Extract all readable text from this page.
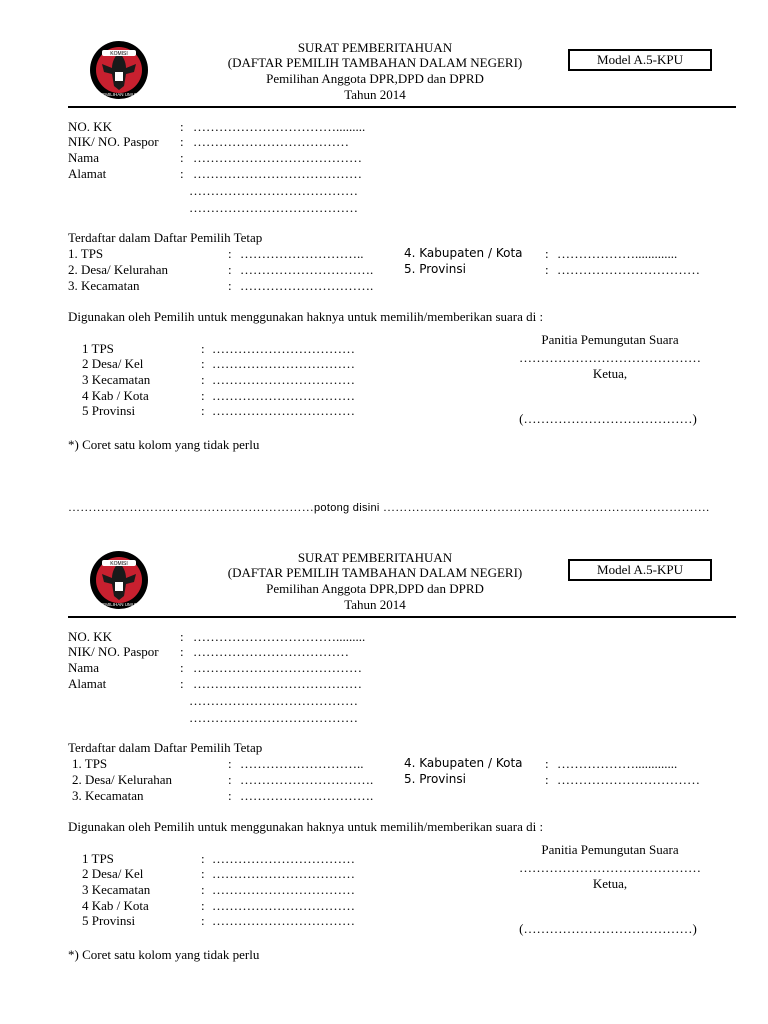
KOMISI
PEMILIHAN UMUM
SURAT PEMBERITAHUAN
(DAFTAR PEMILIH TAMBAHAN DALAM NEGERI)
Pemilihan Anggota DPR,DPD dan DPRD
Tahun 2014
Model A.5-KPU
NO. KK	: …………………………….........
NIK/ NO. Paspor : ………………………………
Nama	: …………………………………
Alamat	: …………………………………
…………………………………
…………………………………
Terdaftar dalam Daftar Pemilih Tetap
1. TPS	: ………………………..
2. Desa/ Kelurahan	: ………………………….
3. Kecamatan	: ………………………….
4. Kabupaten / Kota : ……………….............
5. Provinsi	: ……………………………
Digunakan oleh Pemilih untuk menggunakan haknya untuk memilih/memberikan suara di :
1 TPS	: ……………………………
2 Desa/ Kel	: ……………………………
3 Kecamatan	: ……………………………
4 Kab / Kota	: ……………………………
5 Provinsi	: ……………………………
Panitia Pemungutan Suara
……………………………………
Ketua,
(…………………………………)
*) Coret satu kolom yang tidak perlu
……………………………………………………potong disini ……………….…………………………………………………….
KOMISI
PEMILIHAN UMUM
SURAT PEMBERITAHUAN
(DAFTAR PEMILIH TAMBAHAN DALAM NEGERI)
Pemilihan Anggota DPR,DPD dan DPRD
Tahun 2014
Model A.5-KPU
NO. KK	: …………………………….........
NIK/ NO. Paspor : ………………………………
Nama	: …………………………………
Alamat	: …………………………………
…………………………………
…………………………………
Terdaftar dalam Daftar Pemilih Tetap
1. TPS	: ………………………..
2. Desa/ Kelurahan	: ………………………….
3. Kecamatan	: ………………………….
4. Kabupaten / Kota : ……………….............
5. Provinsi	: ……………………………
Digunakan oleh Pemilih untuk menggunakan haknya untuk memilih/memberikan suara di :
1 TPS	: ……………………………
2 Desa/ Kel	: ……………………………
3 Kecamatan	: ……………………………
4 Kab / Kota	: ……………………………
5 Provinsi	: ……………………………
Panitia Pemungutan Suara
……………………………………
Ketua,
(…………………………………)
*) Coret satu kolom yang tidak perlu
